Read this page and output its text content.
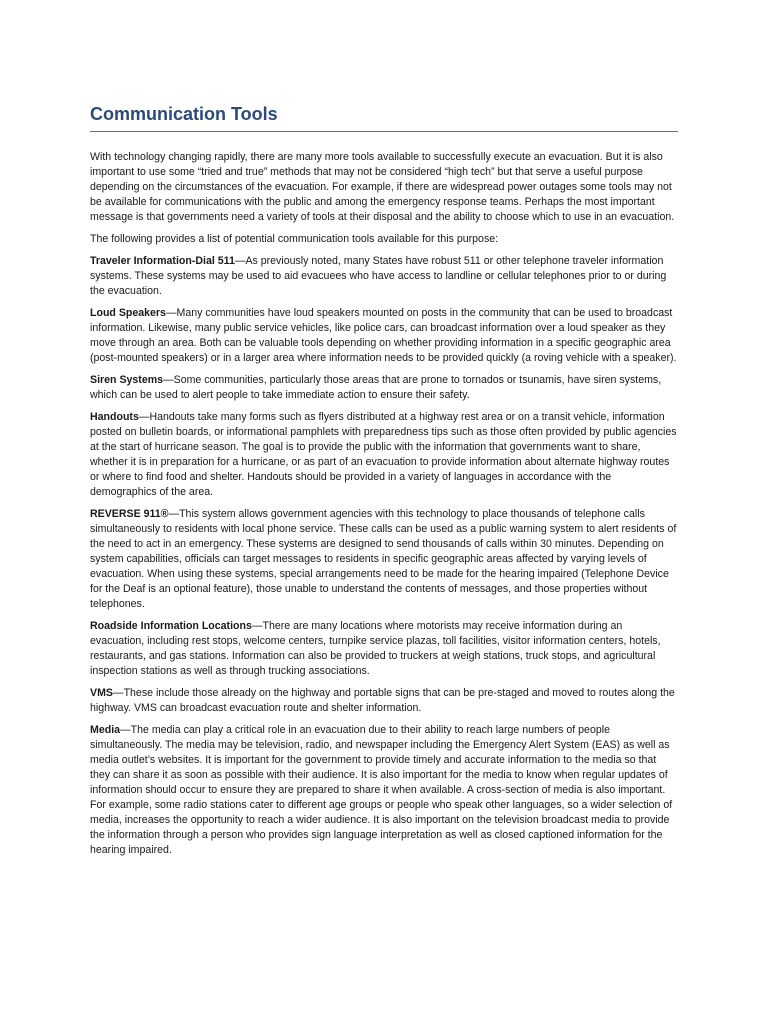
Communication Tools

With technology changing rapidly, there are many more tools available to successfully execute an evacuation. But it is also important to use some “tried and true” methods that may not be considered “high tech” but that serve a useful purpose depending on the circumstances of the evacuation. For example, if there are widespread power outages some tools may not be available for communications with the public and among the emergency response teams. Perhaps the most important message is that governments need a variety of tools at their disposal and the ability to choose which to use in an evacuation.

The following provides a list of potential communication tools available for this purpose:

Traveler Information-Dial 511—As previously noted, many States have robust 511 or other telephone traveler information systems. These systems may be used to aid evacuees who have access to landline or cellular telephones prior to or during the evacuation.

Loud Speakers—Many communities have loud speakers mounted on posts in the community that can be used to broadcast information. Likewise, many public service vehicles, like police cars, can broadcast information over a loud speaker as they move through an area. Both can be valuable tools depending on whether providing information in a specific geographic area (post-mounted speakers) or in a larger area where information needs to be provided quickly (a roving vehicle with a speaker).

Siren Systems—Some communities, particularly those areas that are prone to tornados or tsunamis, have siren systems, which can be used to alert people to take immediate action to ensure their safety.

Handouts—Handouts take many forms such as flyers distributed at a highway rest area or on a transit vehicle, information posted on bulletin boards, or informational pamphlets with preparedness tips such as those often provided by public agencies at the start of hurricane season. The goal is to provide the public with the information that governments want to share, whether it is in preparation for a hurricane, or as part of an evacuation to provide information about alternate highway routes or where to find food and shelter. Handouts should be provided in a variety of languages in accordance with the demographics of the area.

REVERSE 911®—This system allows government agencies with this technology to place thousands of telephone calls simultaneously to residents with local phone service. These calls can be used as a public warning system to alert residents of the need to act in an emergency. These systems are designed to send thousands of calls within 30 minutes. Depending on system capabilities, officials can target messages to residents in specific geographic areas affected by varying levels of evacuation. When using these systems, special arrangements need to be made for the hearing impaired (Telephone Device for the Deaf is an optional feature), those unable to understand the contents of messages, and those properties without telephones.

Roadside Information Locations—There are many locations where motorists may receive information during an evacuation, including rest stops, welcome centers, turnpike service plazas, toll facilities, visitor information centers, hotels, restaurants, and gas stations. Information can also be provided to truckers at weigh stations, truck stops, and agricultural inspection stations as well as through trucking associations.

VMS—These include those already on the highway and portable signs that can be pre-staged and moved to routes along the highway. VMS can broadcast evacuation route and shelter information.

Media—The media can play a critical role in an evacuation due to their ability to reach large numbers of people simultaneously. The media may be television, radio, and newspaper including the Emergency Alert System (EAS) as well as media outlet’s websites. It is important for the government to provide timely and accurate information to the media so that they can share it as soon as possible with their audience. It is also important for the media to know when regular updates of information should occur to ensure they are prepared to share it when available. A cross-section of media is also important. For example, some radio stations cater to different age groups or people who speak other languages, so a wider selection of media, increases the opportunity to reach a wider audience. It is also important on the television broadcast media to provide the information through a person who provides sign language interpretation as well as closed captioned information for the hearing impaired.
